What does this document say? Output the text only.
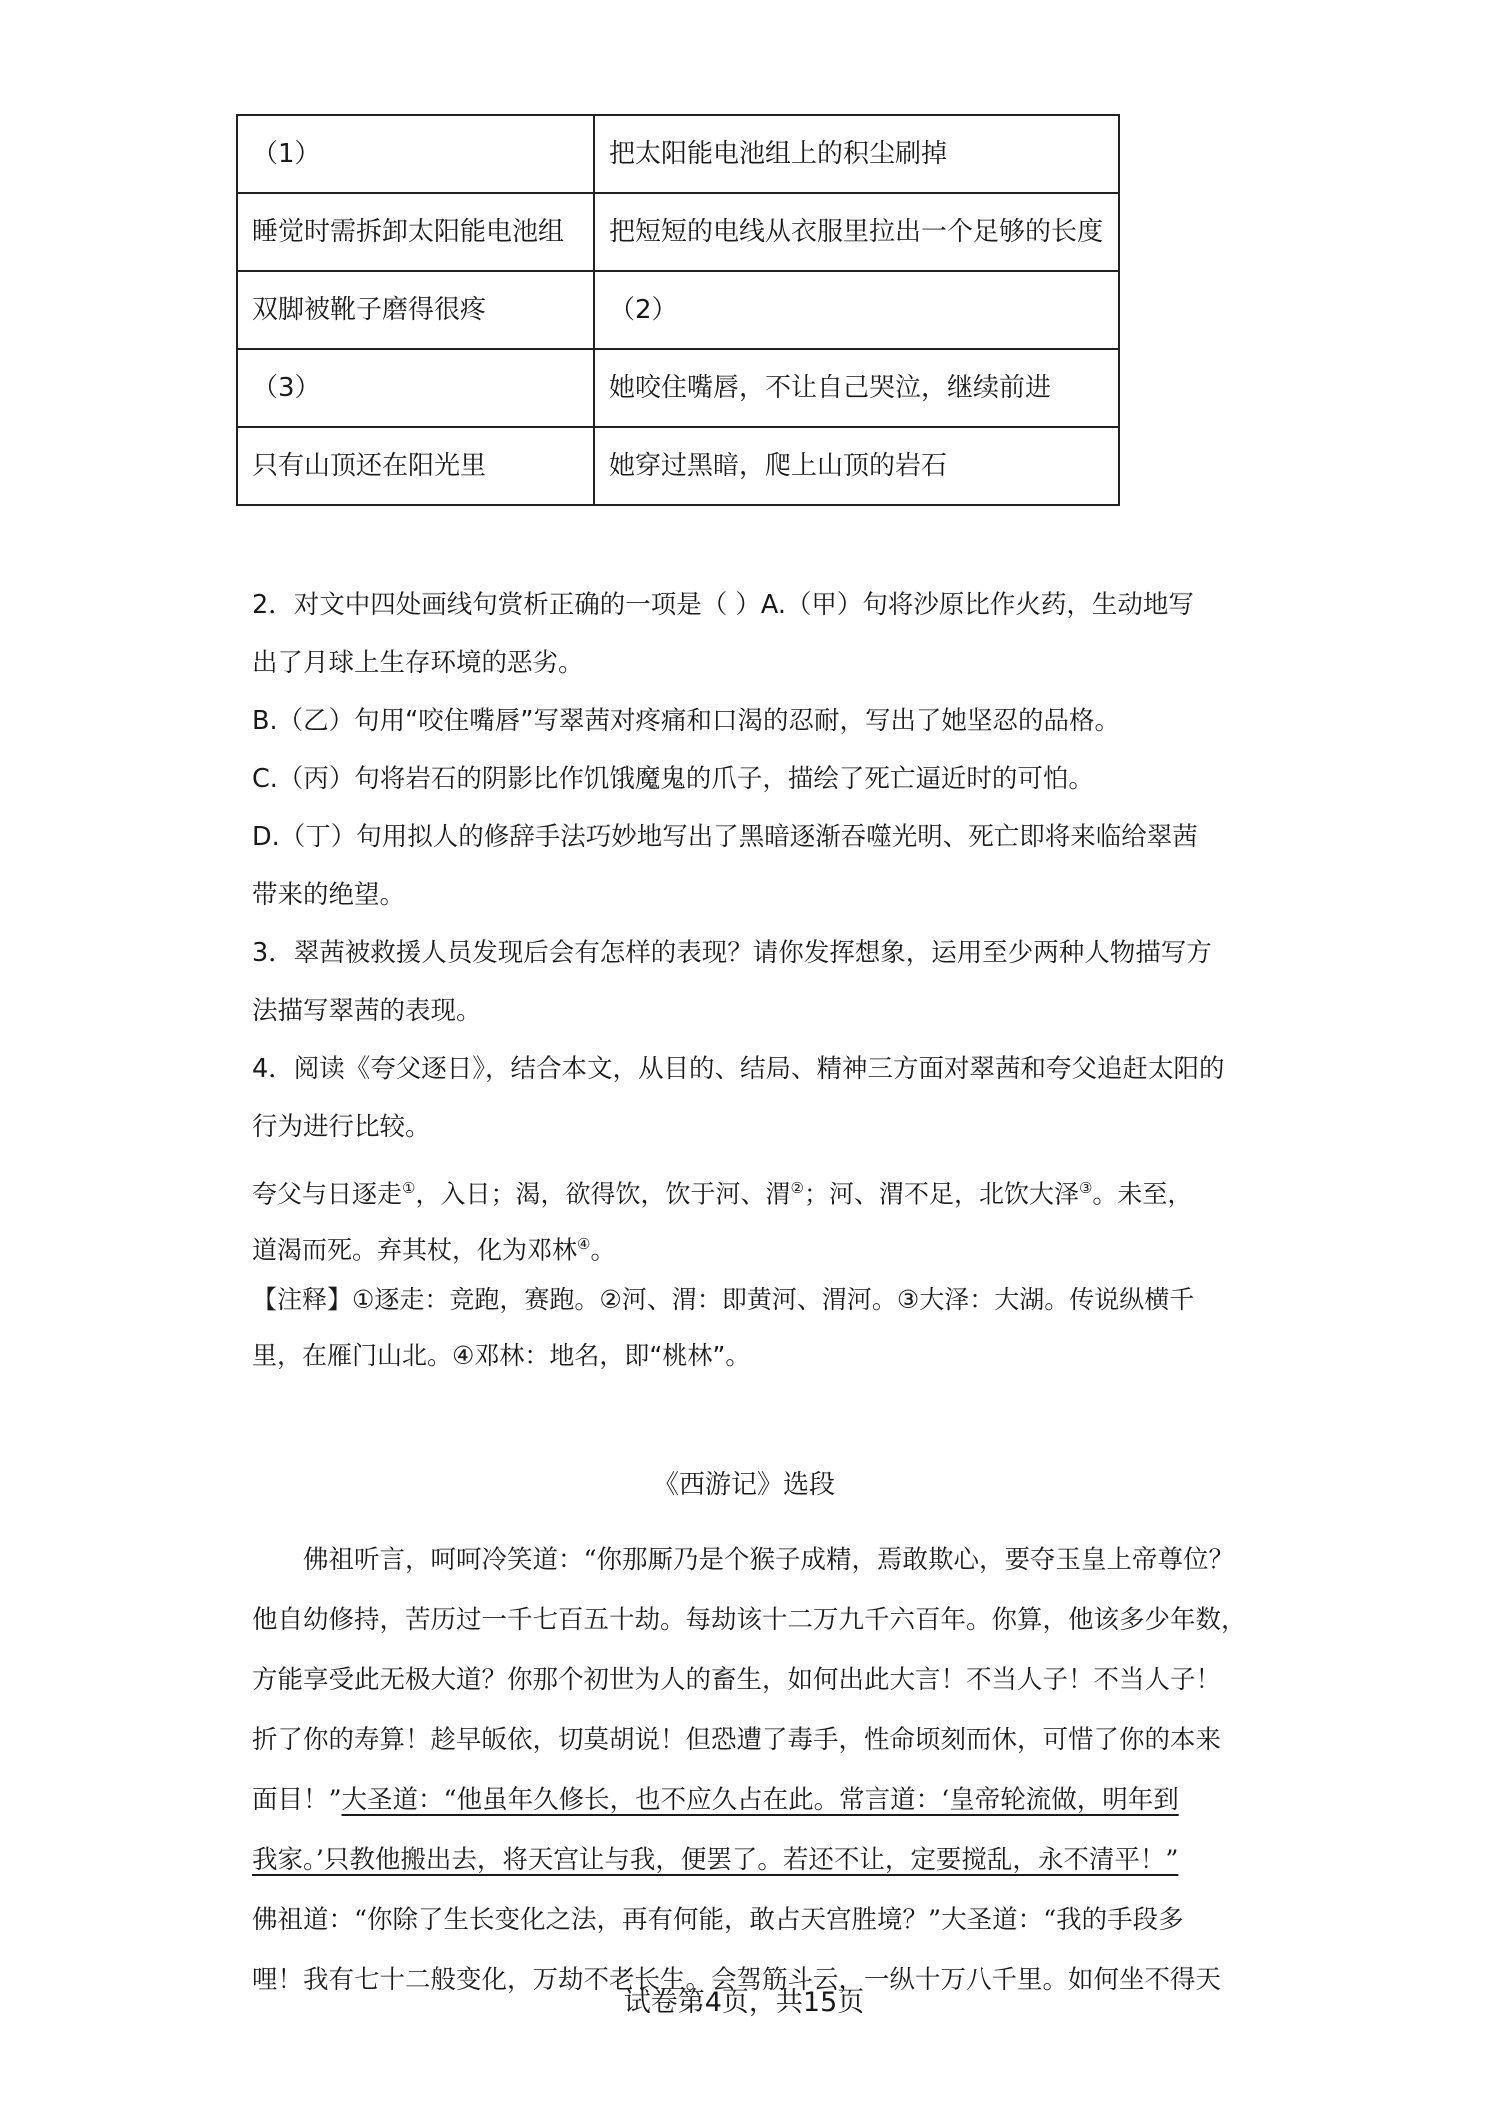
（1）	把太阳能电池组上的积尘刷掉
睡觉时需拆卸太阳能电池组	把短短的电线从衣服里拉出一个足够的长度
双脚被靴子磨得很疼	（2）
（3）	她咬住嘴唇，不让自己哭泣，继续前进
只有山顶还在阳光里	她穿过黑暗，爬上山顶的岩石

2．对文中四处画线句赏析正确的一项是（ ）A.（甲）句将沙原比作火药，生动地写

出了月球上生存环境的恶劣。

B.（乙）句用“咬住嘴唇”写翠茜对疼痛和口渴的忍耐，写出了她坚忍的品格。

C.（丙）句将岩石的阴影比作饥饿魔鬼的爪子，描绘了死亡逼近时的可怕。

D.（丁）句用拟人的修辞手法巧妙地写出了黑暗逐渐吞噬光明、死亡即将来临给翠茜

带来的绝望。

3．翠茜被救援人员发现后会有怎样的表现？请你发挥想象，运用至少两种人物描写方

法描写翠茜的表现。

4．阅读《夸父逐日》，结合本文，从目的、结局、精神三方面对翠茜和夸父追赶太阳的

行为进行比较。

夸父与日逐走①，入日；渴，欲得饮，饮于河、渭②；河、渭不足，北饮大泽③。未至，

道渴而死。弃其杖，化为邓林④。

【注释】①逐走：竞跑，赛跑。②河、渭：即黄河、渭河。③大泽：大湖。传说纵横千

里，在雁门山北。④邓林：地名，即“桃林”。

《西游记》选段

　　佛祖听言，呵呵冷笑道：“你那厮乃是个猴子成精，焉敢欺心，要夺玉皇上帝尊位？

他自幼修持，苦历过一千七百五十劫。每劫该十二万九千六百年。你算，他该多少年数，

方能享受此无极大道？你那个初世为人的畜生，如何出此大言！不当人子！不当人子！

折了你的寿算！趁早皈依，切莫胡说！但恐遭了毒手，性命顷刻而休，可惜了你的本来

面目！”大圣道：“他虽年久修长，也不应久占在此。常言道：‘皇帝轮流做，明年到

我家。’只教他搬出去，将天宫让与我，便罢了。若还不让，定要搅乱，永不清平！”

佛祖道：“你除了生长变化之法，再有何能，敢占天宫胜境？”大圣道：“我的手段多

哩！我有七十二般变化，万劫不老长生。会驾筋斗云，一纵十万八千里。如何坐不得天

试卷第4页，共15页
